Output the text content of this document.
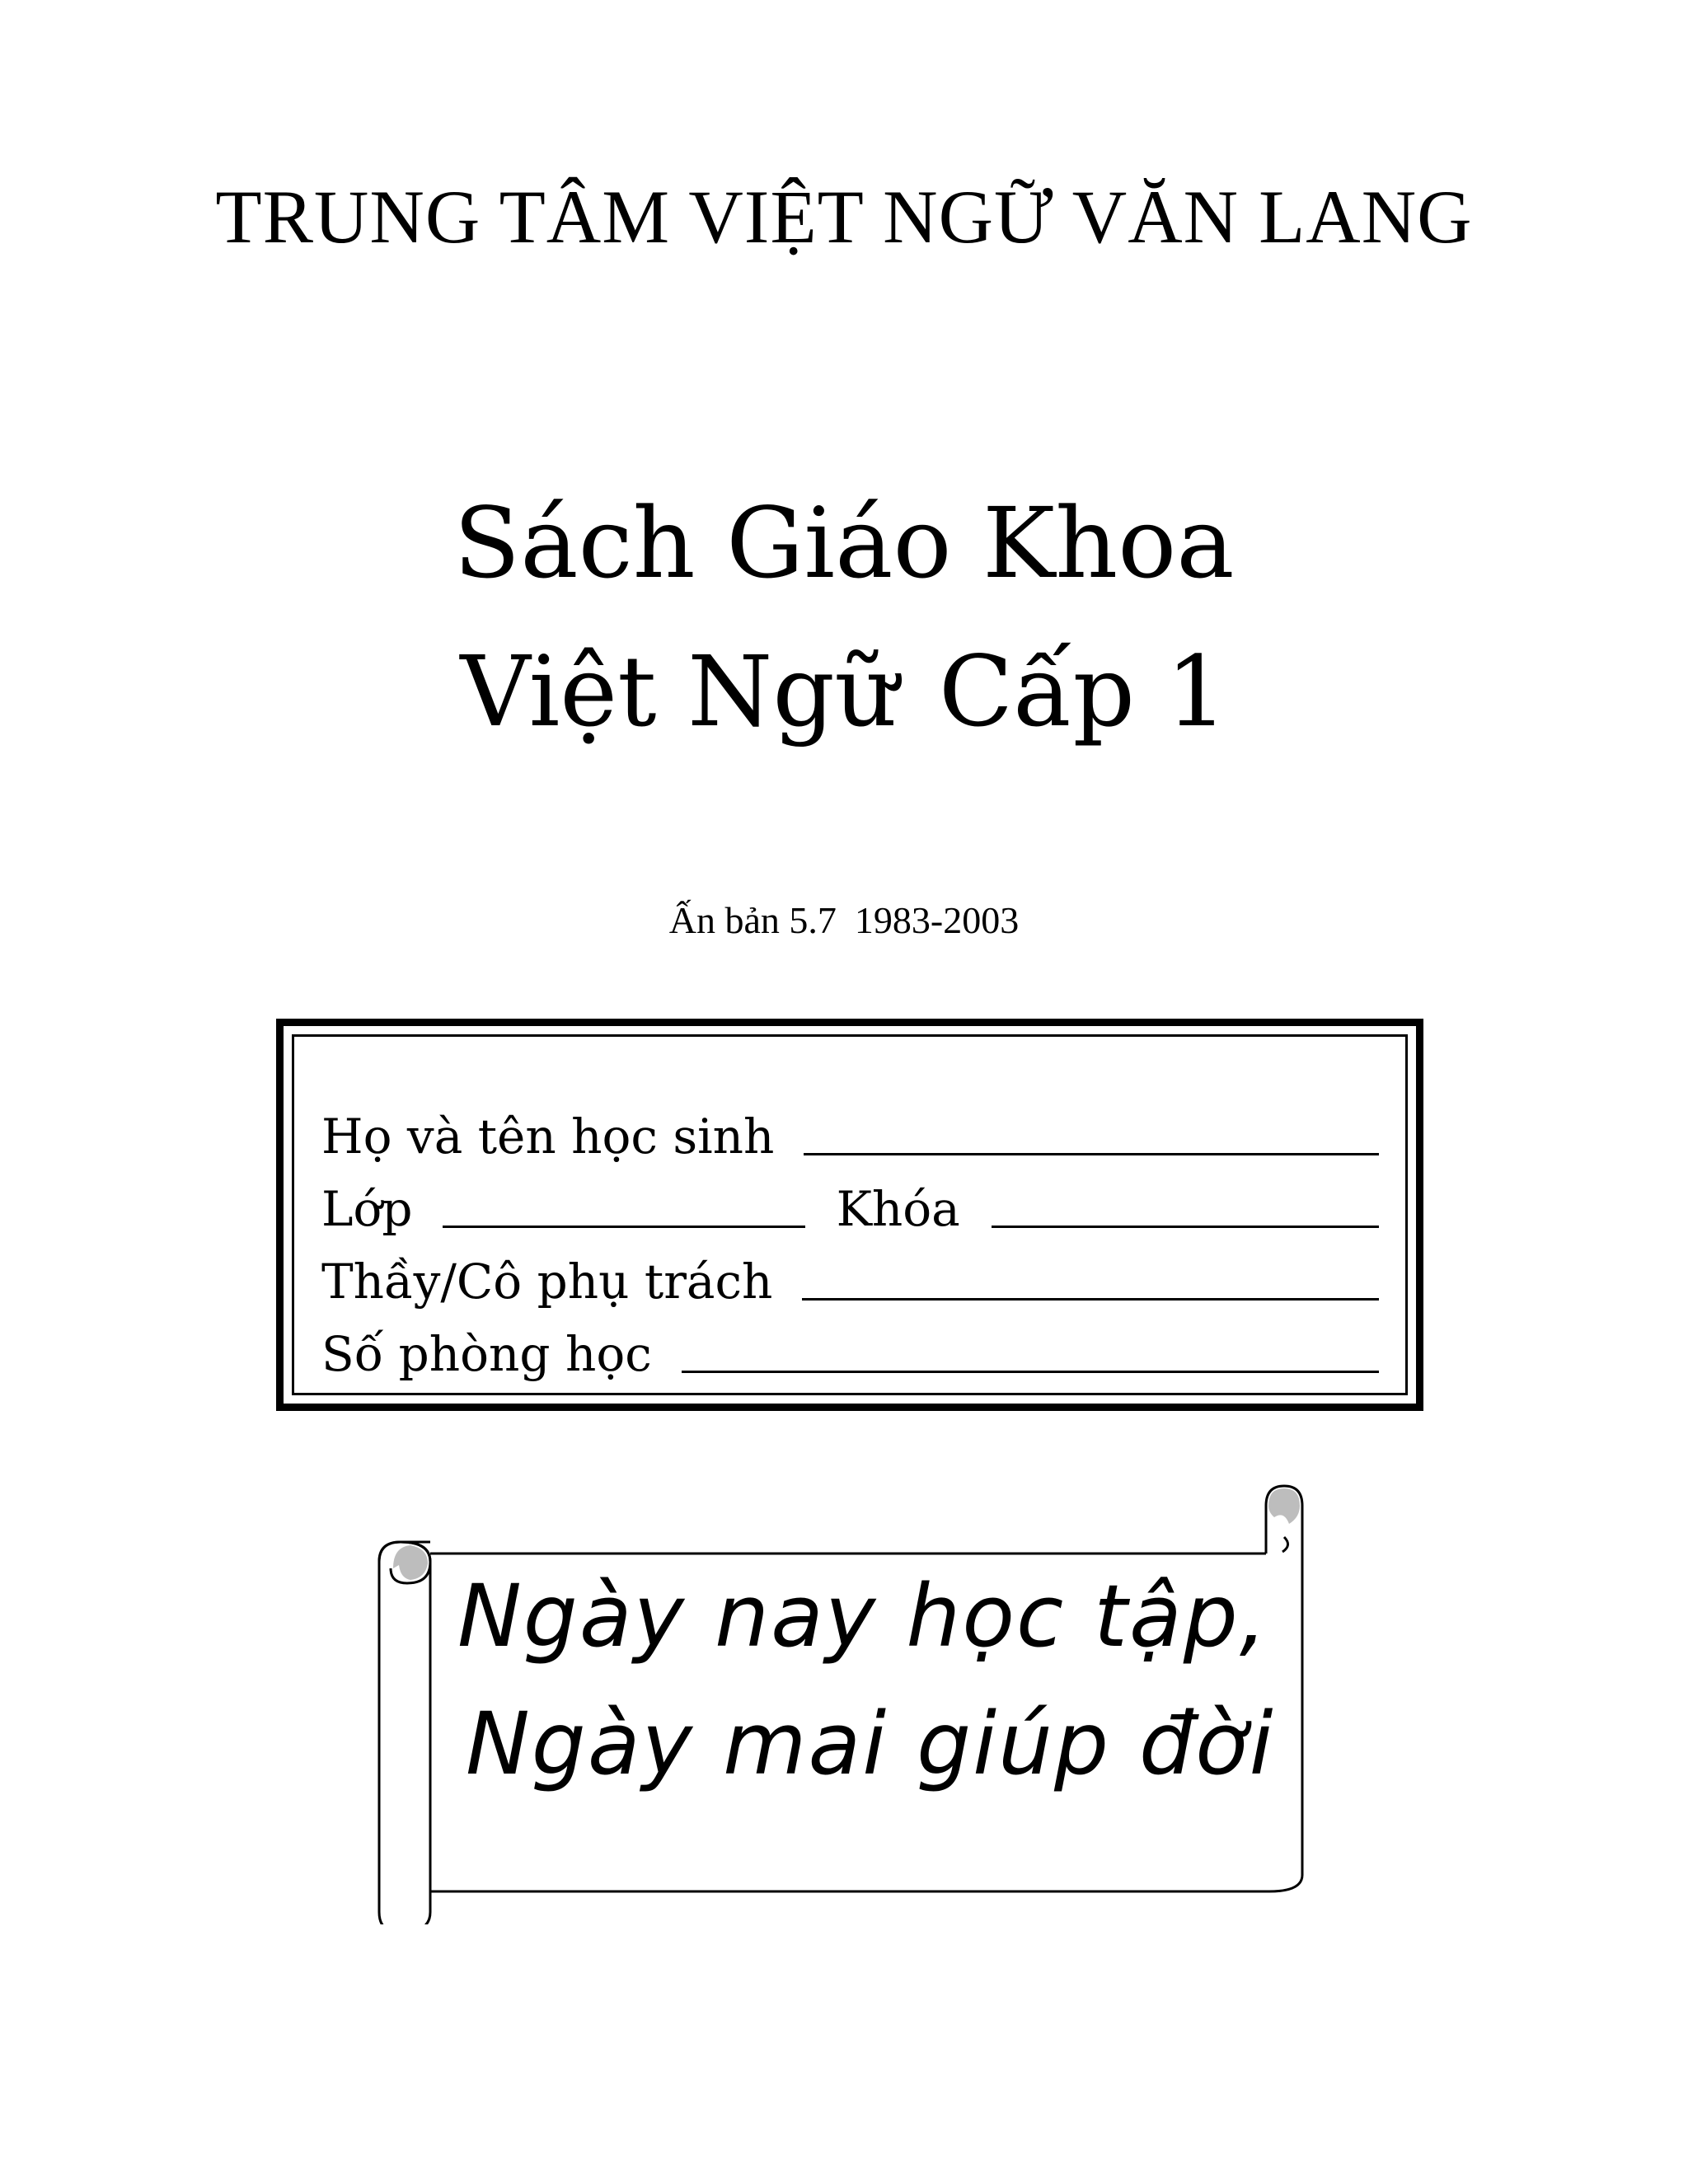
TRUNG TÂM VIỆT NGỮ VĂN LANG
Sách Giáo Khoa
Việt Ngữ Cấp 1
Ấn bản 5.7 1983-2003
Họ và tên học sinh
Lớp	Khóa
Thầy/Cô phụ trách
Số phòng học
Ngày nay học tập,
Ngày mai giúp đời
